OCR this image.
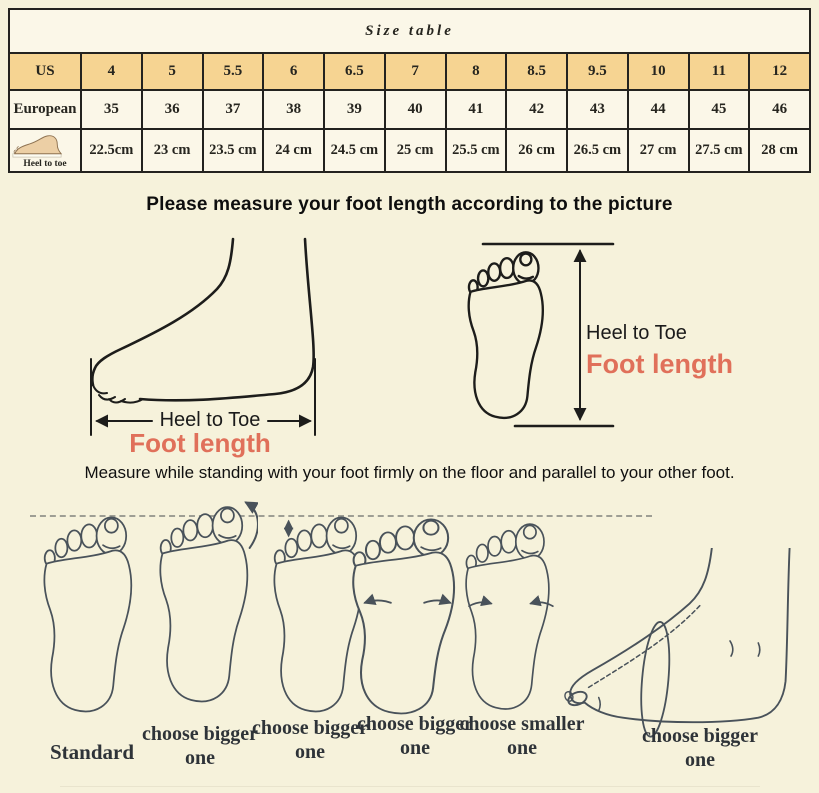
Size table												
US	4	5	5.5	6	6.5	7	8	8.5	9.5	10	11	12
European	35	36	37	38	39	40	41	42	43	44	45	46

Heel to toe	22.5cm	23 cm	23.5 cm	24 cm	24.5 cm	25 cm	25.5 cm	26 cm	26.5 cm	27 cm	27.5 cm	28 cm
Please measure your foot length according to the picture
Heel to Toe
Foot length
Heel to Toe
Foot length
Measure while standing with your foot firmly on the floor and parallel to your other foot.
Standard
choose bigger one
choose bigger one
choose bigger one
choose smaller one
choose bigger one
